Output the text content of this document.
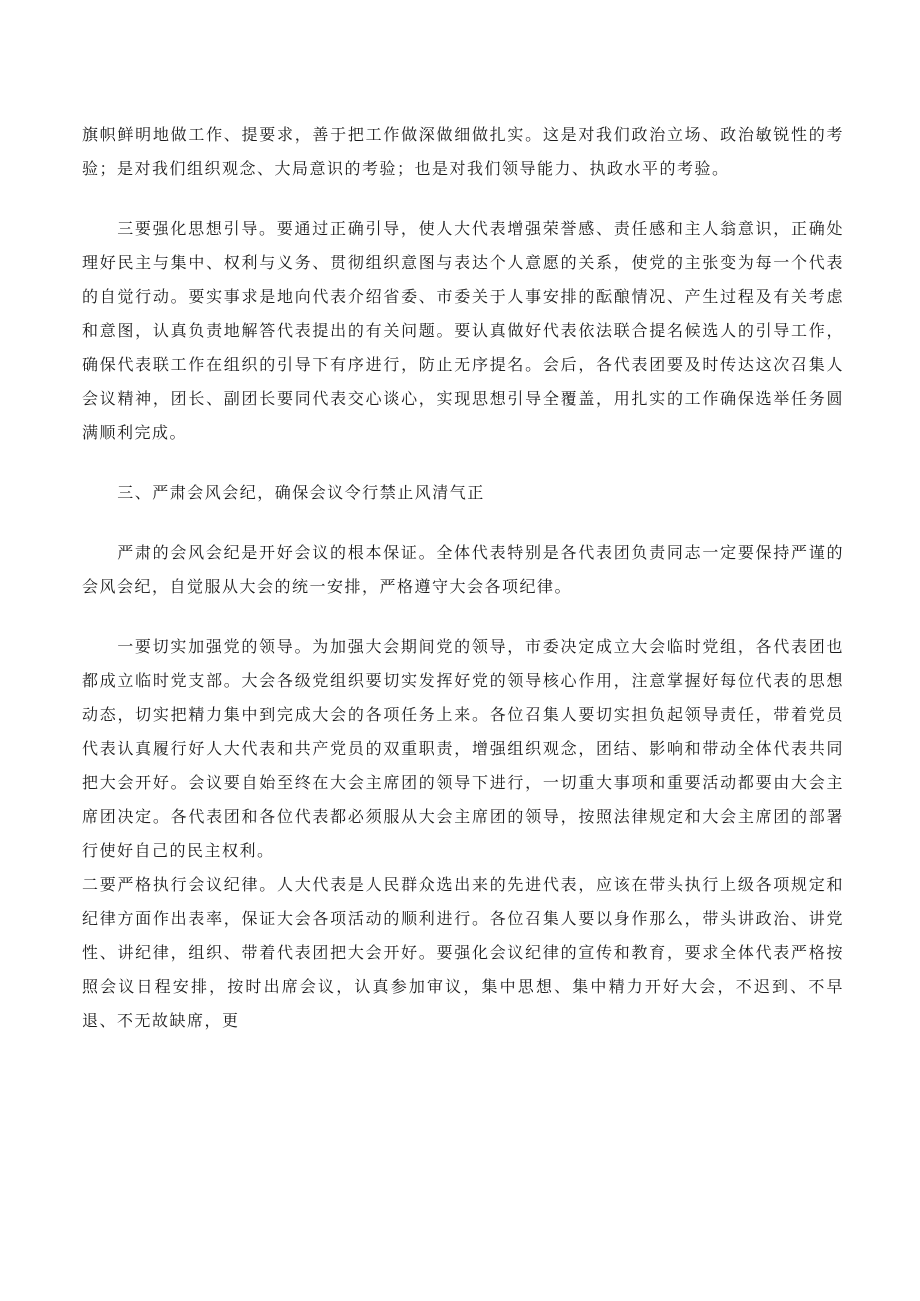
旗帜鲜明地做工作、提要求，善于把工作做深做细做扎实。这是对我们政治立场、政治敏锐性的考验；是对我们组织观念、大局意识的考验；也是对我们领导能力、执政水平的考验。

三要强化思想引导。要通过正确引导，使人大代表增强荣誉感、责任感和主人翁意识，正确处理好民主与集中、权利与义务、贯彻组织意图与表达个人意愿的关系，使党的主张变为每一个代表的自觉行动。要实事求是地向代表介绍省委、市委关于人事安排的酝酿情况、产生过程及有关考虑和意图，认真负责地解答代表提出的有关问题。要认真做好代表依法联合提名候选人的引导工作，确保代表联工作在组织的引导下有序进行，防止无序提名。会后，各代表团要及时传达这次召集人会议精神，团长、副团长要同代表交心谈心，实现思想引导全覆盖，用扎实的工作确保选举任务圆满顺利完成。

三、严肃会风会纪，确保会议令行禁止风清气正

严肃的会风会纪是开好会议的根本保证。全体代表特别是各代表团负责同志一定要保持严谨的会风会纪，自觉服从大会的统一安排，严格遵守大会各项纪律。

一要切实加强党的领导。为加强大会期间党的领导，市委决定成立大会临时党组，各代表团也都成立临时党支部。大会各级党组织要切实发挥好党的领导核心作用，注意掌握好每位代表的思想动态，切实把精力集中到完成大会的各项任务上来。各位召集人要切实担负起领导责任，带着党员代表认真履行好人大代表和共产党员的双重职责，增强组织观念，团结、影响和带动全体代表共同把大会开好。会议要自始至终在大会主席团的领导下进行，一切重大事项和重要活动都要由大会主席团决定。各代表团和各位代表都必须服从大会主席团的领导，按照法律规定和大会主席团的部署行使好自己的民主权利。

二要严格执行会议纪律。人大代表是人民群众选出来的先进代表，应该在带头执行上级各项规定和纪律方面作出表率，保证大会各项活动的顺利进行。各位召集人要以身作那么，带头讲政治、讲党性、讲纪律，组织、带着代表团把大会开好。要强化会议纪律的宣传和教育，要求全体代表严格按照会议日程安排，按时出席会议，认真参加审议，集中思想、集中精力开好大会，不迟到、不早退、不无故缺席，更
